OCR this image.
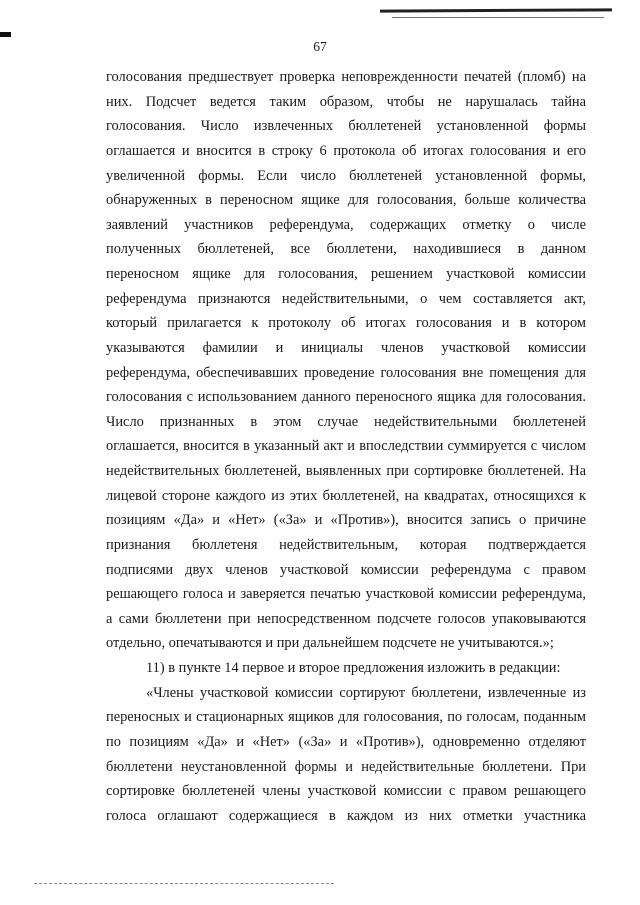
67
голосования предшествует проверка неповрежденности печатей (пломб) на
них. Подсчет ведется таким образом, чтобы не нарушалась тайна
голосования. Число извлеченных бюллетеней установленной формы
оглашается и вносится в строку 6 протокола об итогах голосования и его
увеличенной формы. Если число бюллетеней установленной формы,
обнаруженных в переносном ящике для голосования, больше количества
заявлений участников референдума, содержащих отметку о числе
полученных бюллетеней, все бюллетени, находившиеся в данном
переносном ящике для голосования, решением участковой комиссии
референдума признаются недействительными, о чем составляется акт,
который прилагается к протоколу об итогах голосования и в котором
указываются фамилии и инициалы членов участковой комиссии
референдума, обеспечивавших проведение голосования вне помещения для
голосования с использованием данного переносного ящика для голосования.
Число признанных в этом случае недействительными бюллетеней
оглашается, вносится в указанный акт и впоследствии суммируется с числом
недействительных бюллетеней, выявленных при сортировке бюллетеней. На
лицевой стороне каждого из этих бюллетеней, на квадратах, относящихся к
позициям «Да» и «Нет» («За» и «Против»), вносится запись о причине
признания бюллетеня недействительным, которая подтверждается
подписями двух членов участковой комиссии референдума с правом
решающего голоса и заверяется печатью участковой комиссии референдума,
а сами бюллетени при непосредственном подсчете голосов упаковываются
отдельно, опечатываются и при дальнейшем подсчете не учитываются.»;
11) в пункте 14 первое и второе предложения изложить в редакции:
«Члены участковой комиссии сортируют бюллетени, извлеченные из
переносных и стационарных ящиков для голосования, по голосам, поданным
по позициям «Да» и «Нет» («За» и «Против»), одновременно отделяют
бюллетени неустановленной формы и недействительные бюллетени. При
сортировке бюллетеней члены участковой комиссии с правом решающего
голоса оглашают содержащиеся в каждом из них отметки участника
